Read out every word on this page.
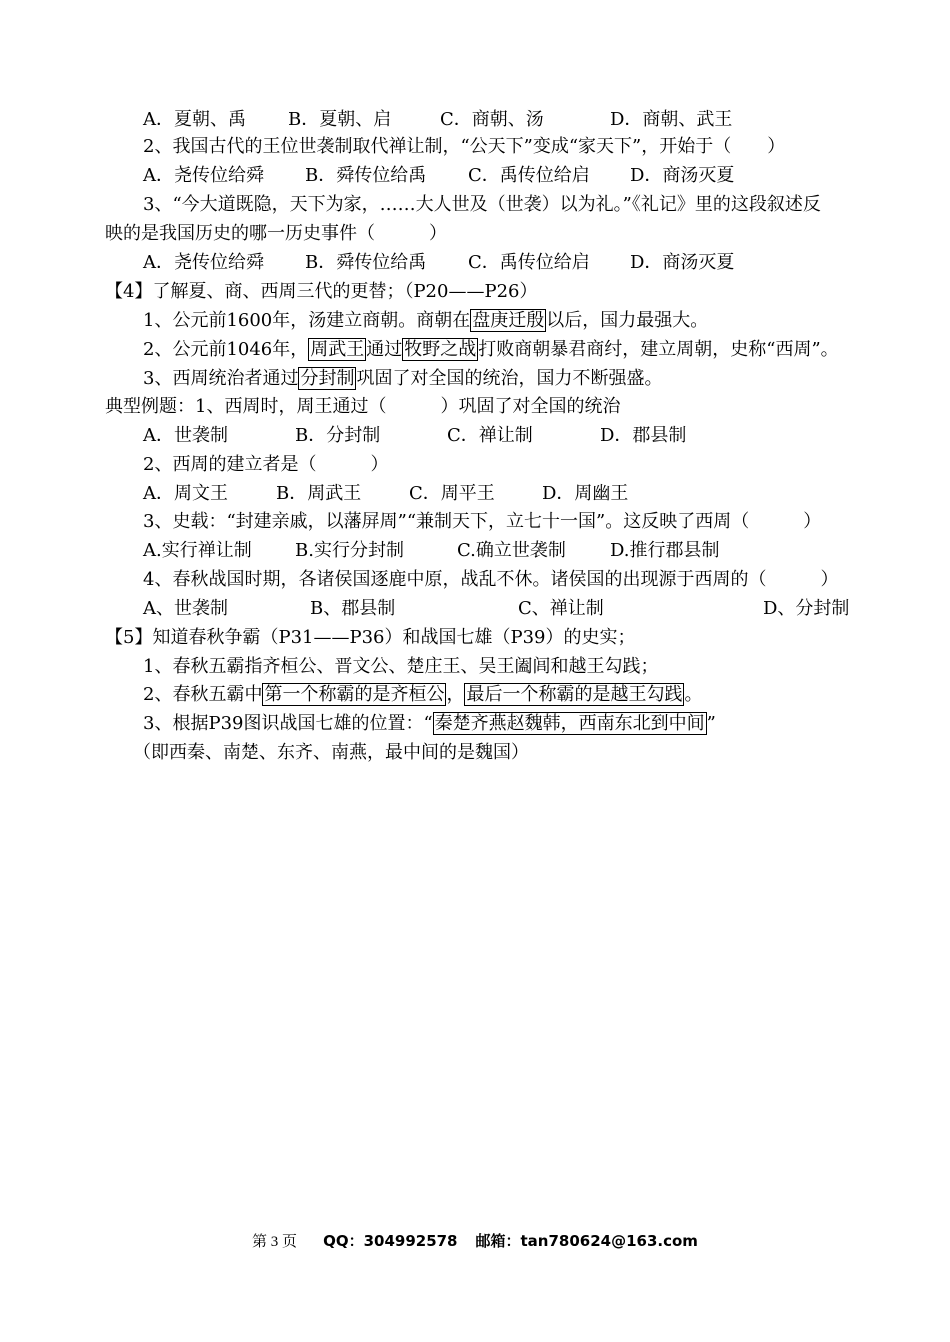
A．夏朝、禹 B．夏朝、启	C．商朝、汤	D．商朝、武王
2、我国古代的王位世袭制取代禅让制，“公天下”变成“家天下”，开始于（　　）
A．尧传位给舜 B．舜传位给禹 C．禹传位给启 D．商汤灭夏
3、“今大道既隐，天下为家，……大人世及（世袭）以为礼。”《礼记》里的这段叙述反
映的是我国历史的哪一历史事件（　　　）
A．尧传位给舜 B．舜传位给禹 C．禹传位给启 D．商汤灭夏
【4】了解夏、商、西周三代的更替；（P20——P26）
1、公元前1600年，汤建立商朝。商朝在 盘庚迁殷 以后，国力最强大。
2、公元前1046年， 周武王 通过 牧野之战 打败商朝暴君商纣，建立周朝，史称“西周”。
3、西周统治者通过 分封制 巩固了对全国的统治，国力不断强盛。
典型例题：1、西周时，周王通过（　　　）巩固了对全国的统治
A．世袭制	B．分封制	C．禅让制	D．郡县制
2、西周的建立者是（　　　）
A．周文王	B．周武王	C．周平王	D．周幽王
3、史载：“封建亲戚，以藩屏周”“兼制天下，立七十一国”。这反映了西周（　　　）
A.实行禅让制 B.实行分封制	C.确立世袭制 D.推行郡县制
4、春秋战国时期，各诸侯国逐鹿中原，战乱不休。诸侯国的出现源于西周的（　　　）
A、世袭制	B、郡县制	C、禅让制	D、分封制
【5】知道春秋争霸（P31——P36）和战国七雄（P39）的史实；
1、春秋五霸指齐桓公、晋文公、楚庄王、吴王阖闾和越王勾践；
2、春秋五霸中 第一个称霸的是齐桓公 ， 最后一个称霸的是越王勾践 。
3、根据P39图识战国七雄的位置：“ 秦楚齐燕赵魏韩，西南东北到中间 ”
（即西秦、南楚、东齐、南燕，最中间的是魏国）
第 3 页 QQ：304992578 邮箱：tan780624@163.com
